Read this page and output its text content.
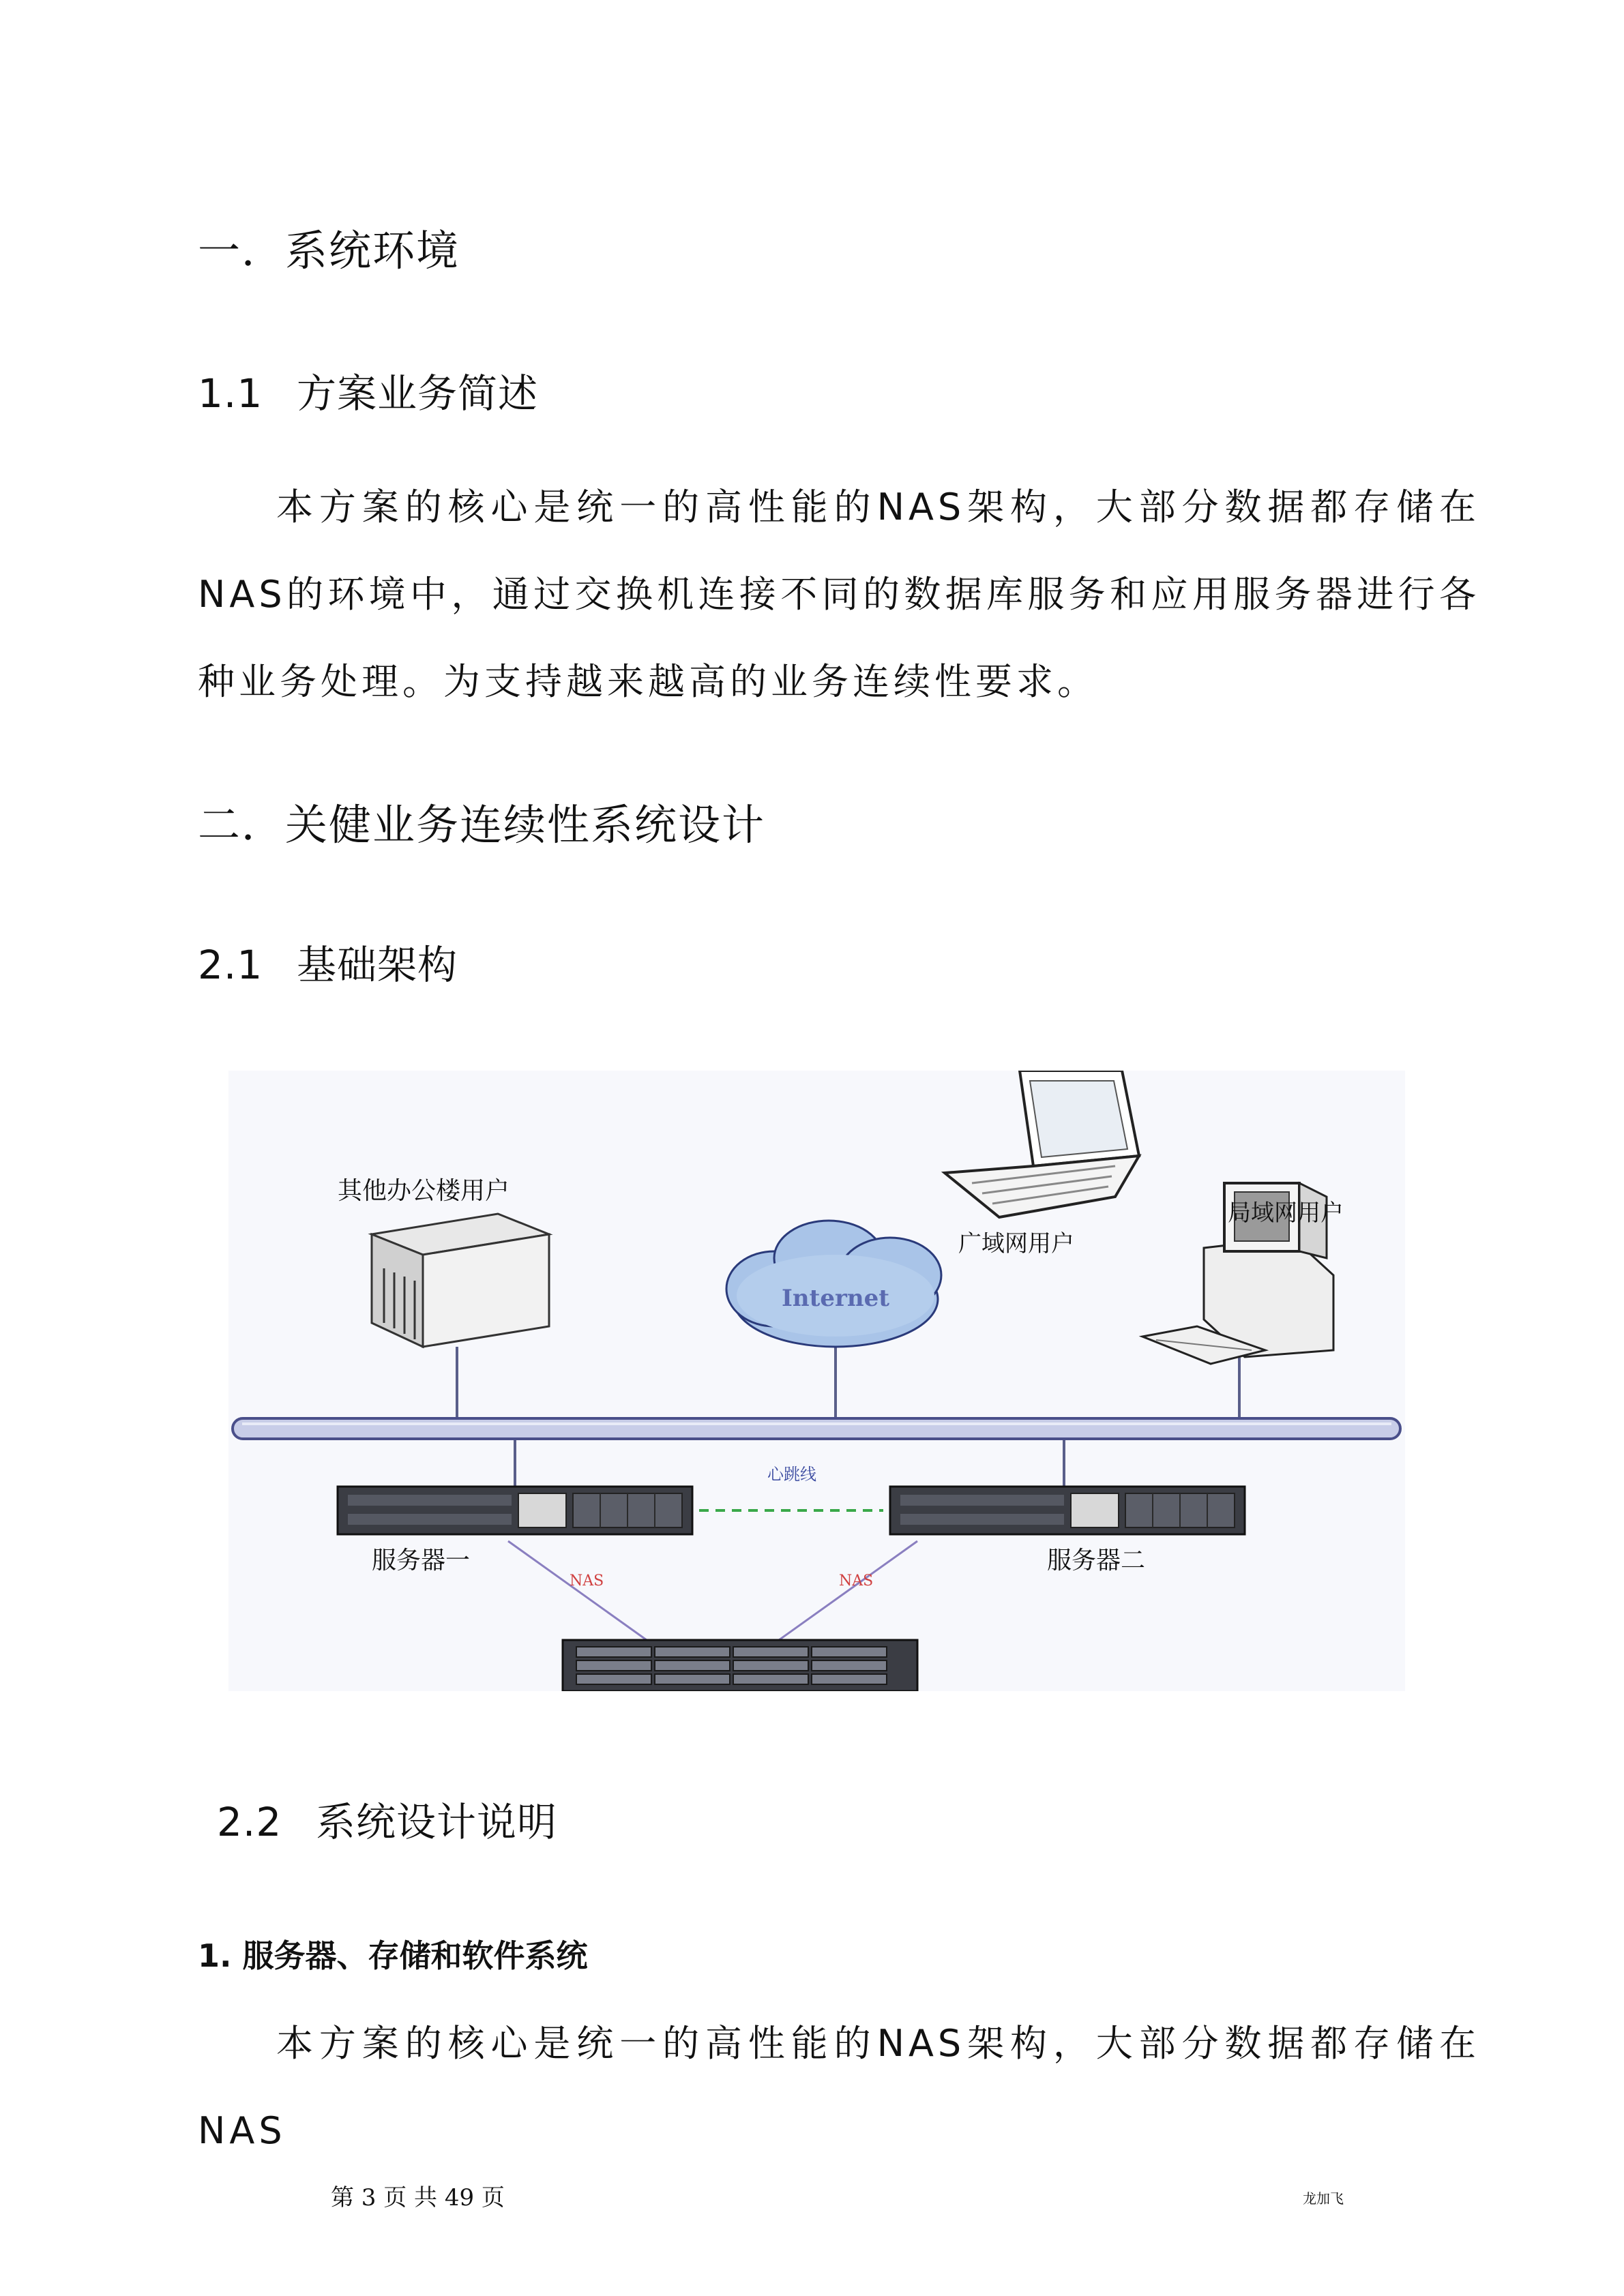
一．系统环境
1.1 方案业务简述
本方案的核心是统一的高性能的NAS架构，大部分数据都存储在NAS的环境中，通过交换机连接不同的数据库服务和应用服务器进行各种业务处理。为支持越来越高的业务连续性要求。
二．关健业务连续性系统设计
2.1 基础架构
Internet
其他办公楼用户
广域网用户
局域网用户
心跳线
服务器一	服务器二
NAS	NAS
2.2 系统设计说明
1. 服务器、存储和软件系统
本方案的核心是统一的高性能的NAS架构，大部分数据都存储在NAS
第 3 页 共 49 页	龙加飞
